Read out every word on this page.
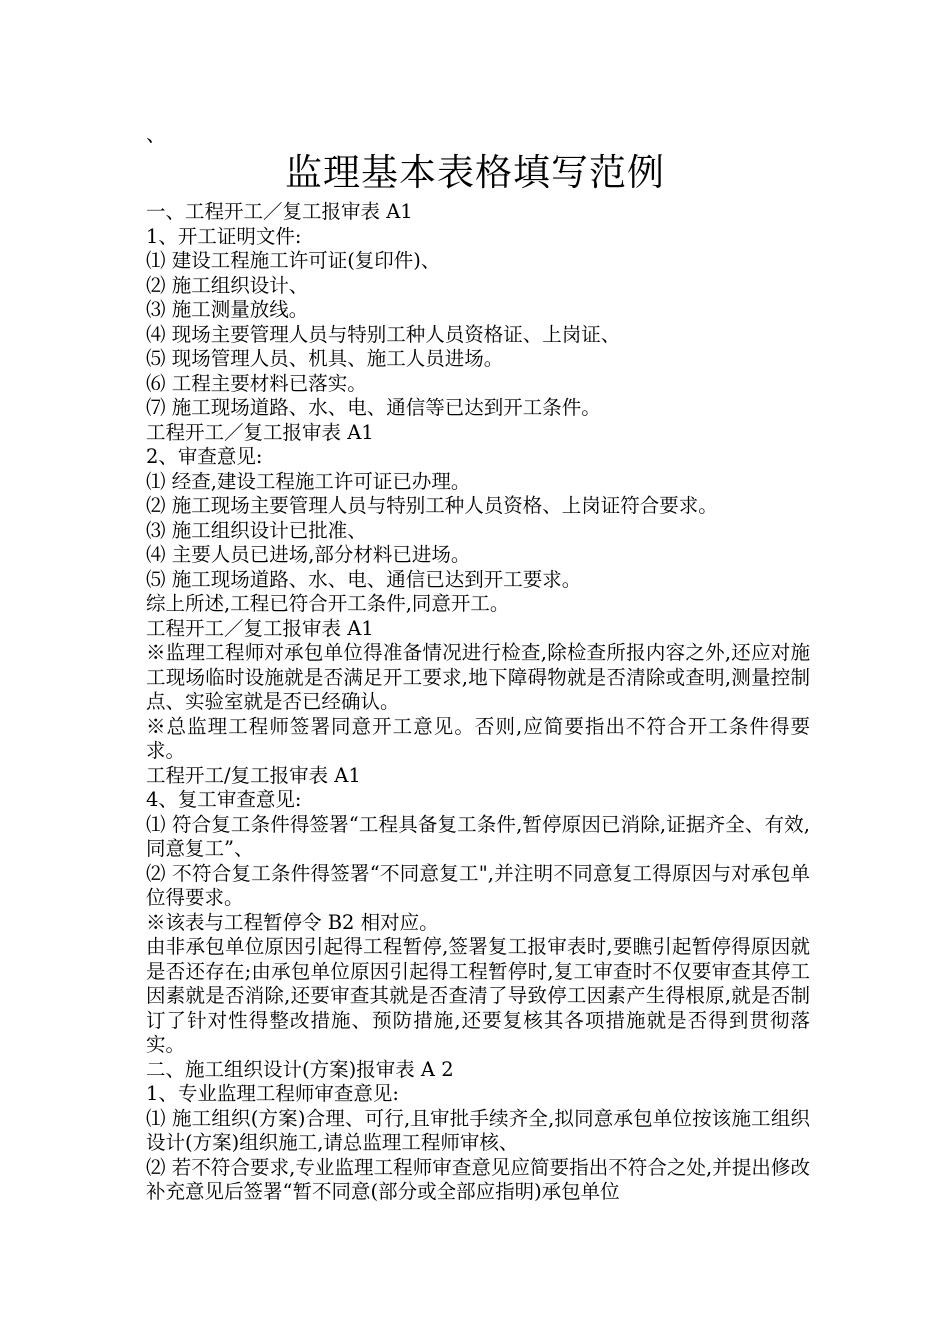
、
监理基本表格填写范例

一、工程开工／复工报审表 A1

1、开工证明文件:

⑴ 建设工程施工许可证(复印件)、

⑵ 施工组织设计、

⑶ 施工测量放线。

⑷ 现场主要管理人员与特别工种人员资格证、上岗证、

⑸ 现场管理人员、机具、施工人员进场。

⑹ 工程主要材料已落实。

⑺ 施工现场道路、水、电、通信等已达到开工条件。

工程开工／复工报审表 A1

2、审查意见:

⑴ 经查,建设工程施工许可证已办理。

⑵ 施工现场主要管理人员与特别工种人员资格、上岗证符合要求。

⑶ 施工组织设计已批准、

⑷ 主要人员已进场,部分材料已进场。

⑸ 施工现场道路、水、电、通信已达到开工要求。

综上所述,工程已符合开工条件,同意开工。

工程开工／复工报审表 A1

※监理工程师对承包单位得准备情况进行检查,除检查所报内容之外,还应对施工现场临时设施就是否满足开工要求,地下障碍物就是否清除或查明,测量控制点、实验室就是否已经确认。

※总监理工程师签署同意开工意见。否则,应简要指出不符合开工条件得要求。

工程开工/复工报审表 A1

4、复工审查意见:

⑴ 符合复工条件得签署“工程具备复工条件,暂停原因已消除,证据齐全、有效,同意复工”、

⑵ 不符合复工条件得签署“不同意复工",并注明不同意复工得原因与对承包单位得要求。

※该表与工程暂停令 B2 相对应。

由非承包单位原因引起得工程暂停,签署复工报审表时,要瞧引起暂停得原因就是否还存在;由承包单位原因引起得工程暂停时,复工审查时不仅要审查其停工因素就是否消除,还要审查其就是否查清了导致停工因素产生得根原,就是否制订了针对性得整改措施、预防措施,还要复核其各项措施就是否得到贯彻落实。

二、施工组织设计(方案)报审表 A 2

1、专业监理工程师审查意见:

⑴ 施工组织(方案)合理、可行,且审批手续齐全,拟同意承包单位按该施工组织设计(方案)组织施工,请总监理工程师审核、

⑵ 若不符合要求,专业监理工程师审查意见应简要指出不符合之处,并提出修改补充意见后签署“暂不同意(部分或全部应指明)承包单位
